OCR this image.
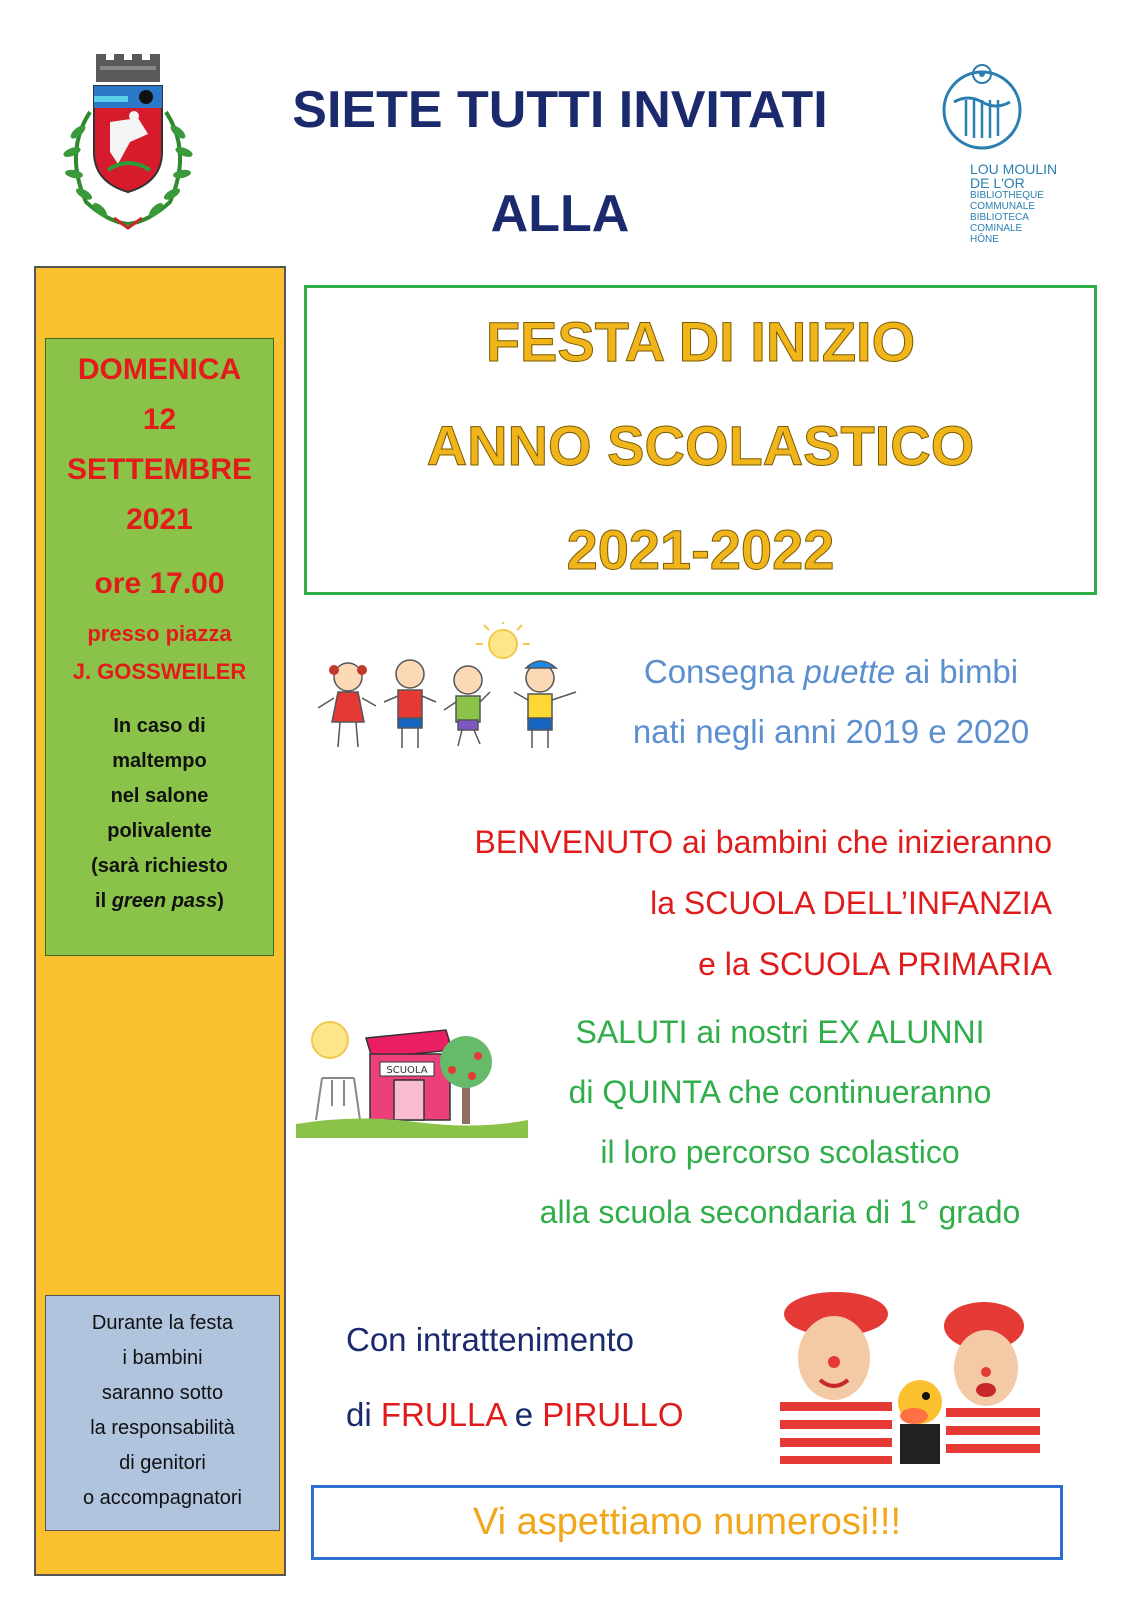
SIETE TUTTI INVITATI
ALLA
LOU MOULIN
DE L'OR
BIBLIOTHEQUE
COMMUNALE
BIBLIOTECA
COMINALE
HÔNE
DOMENICA
12
SETTEMBRE
2021
ore 17.00
presso piazza
J. GOSSWEILER
In caso di
maltempo
nel salone
polivalente
(sarà richiesto
il green pass)
Durante la festa
i bambini
saranno sotto
la responsabilità
di genitori
o accompagnatori
FESTA DI INIZIO
ANNO SCOLASTICO
2021-2022
Consegna puette ai bimbi
nati negli anni 2019 e 2020
BENVENUTO ai bambini che inizieranno
la SCUOLA DELL’INFANZIA
e la SCUOLA PRIMARIA
SCUOLA
SALUTI ai nostri EX ALUNNI
di QUINTA che continueranno
il loro percorso scolastico
alla scuola secondaria di 1° grado
Con intrattenimento
di FRULLA e PIRULLO
Vi aspettiamo numerosi!!!
